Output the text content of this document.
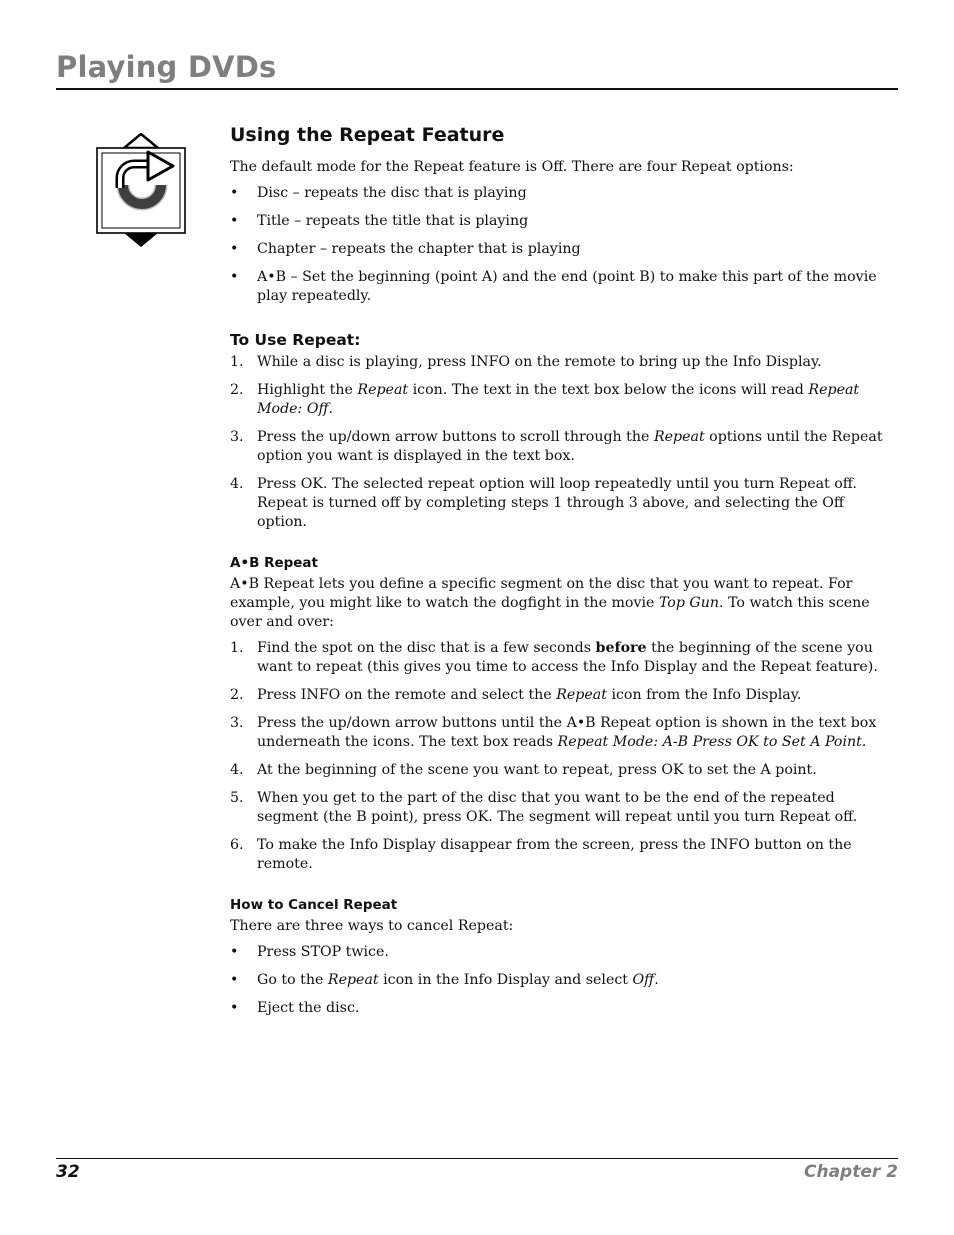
Playing DVDs
Using the Repeat Feature

The default mode for the Repeat feature is Off. There are four Repeat options:

• Disc – repeats the disc that is playing
• Title – repeats the title that is playing
• Chapter – repeats the chapter that is playing
• A•B – Set the beginning (point A) and the end (point B) to make this part of the movie play repeatedly.
To Use Repeat:
1. While a disc is playing, press INFO on the remote to bring up the Info Display.
2. Highlight the Repeat icon. The text in the text box below the icons will read Repeat Mode: Off.
3. Press the up/down arrow buttons to scroll through the Repeat options until the Repeat option you want is displayed in the text box.
4. Press OK. The selected repeat option will loop repeatedly until you turn Repeat off. Repeat is turned off by completing steps 1 through 3 above, and selecting the Off option.
A•B Repeat

A•B Repeat lets you define a specific segment on the disc that you want to repeat. For example, you might like to watch the dogfight in the movie Top Gun. To watch this scene over and over:

1. Find the spot on the disc that is a few seconds before the beginning of the scene you want to repeat (this gives you time to access the Info Display and the Repeat feature).
2. Press INFO on the remote and select the Repeat icon from the Info Display.
3. Press the up/down arrow buttons until the A•B Repeat option is shown in the text box underneath the icons. The text box reads Repeat Mode: A-B Press OK to Set A Point.
4. At the beginning of the scene you want to repeat, press OK to set the A point.
5. When you get to the part of the disc that you want to be the end of the repeated segment (the B point), press OK. The segment will repeat until you turn Repeat off.
6. To make the Info Display disappear from the screen, press the INFO button on the remote.
How to Cancel Repeat

There are three ways to cancel Repeat:

• Press STOP twice.
• Go to the Repeat icon in the Info Display and select Off.
• Eject the disc.
32	Chapter 2
